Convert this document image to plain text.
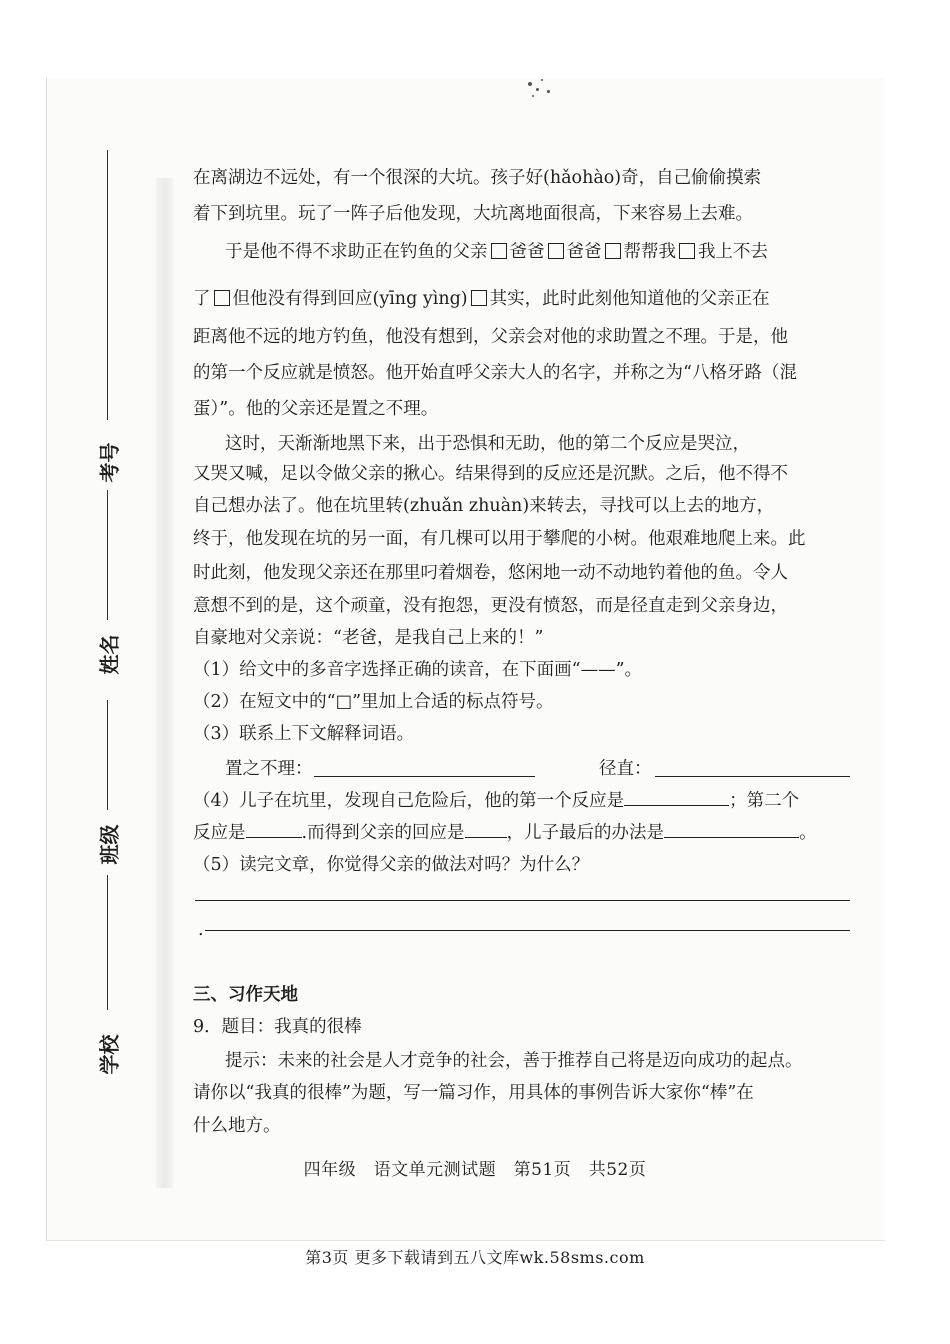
考号
姓名
班级
学校
在离湖边不远处，有一个很深的大坑。孩子好(hǎohào)奇，自己偷偷摸索
着下到坑里。玩了一阵子后他发现，大坑离地面很高，下来容易上去难。
于是他不得不求助正在钓鱼的父亲 爸爸 爸爸 帮帮我 我上不去
了 但他没有得到回应(yīng yìng) 其实，此时此刻他知道他的父亲正在
距离他不远的地方钓鱼，他没有想到，父亲会对他的求助置之不理。于是，他
的第一个反应就是愤怒。他开始直呼父亲大人的名字，并称之为“八格牙路（混
蛋）”。他的父亲还是置之不理。
这时，天渐渐地黑下来，出于恐惧和无助，他的第二个反应是哭泣，
又哭又喊，足以令做父亲的揪心。结果得到的反应还是沉默。之后，他不得不
自己想办法了。他在坑里转(zhuǎn zhuàn)来转去，寻找可以上去的地方，
终于，他发现在坑的另一面，有几棵可以用于攀爬的小树。他艰难地爬上来。此
时此刻，他发现父亲还在那里叼着烟卷，悠闲地一动不动地钓着他的鱼。令人
意想不到的是，这个顽童，没有抱怨，更没有愤怒，而是径直走到父亲身边，
自豪地对父亲说：“老爸，是我自己上来的！”
（1）给文中的多音字选择正确的读音，在下面画“——”。
（2）在短文中的“□”里加上合适的标点符号。
（3）联系上下文解释词语。
置之不理：	径直：
（4）儿子在坑里，发现自己危险后，他的第一个反应是	；第二个
反应是	.而得到父亲的回应是 ，儿子最后的办法是	。
（5）读完文章，你觉得父亲的做法对吗？为什么？
.
三、习作天地
9．题目：我真的很棒
提示：未来的社会是人才竞争的社会，善于推荐自己将是迈向成功的起点。
请你以“我真的很棒”为题，写一篇习作，用具体的事例告诉大家你“棒”在
什么地方。
四年级　语文单元测试题　第51页　共52页
第3页 更多下载请到五八文库wk.58sms.com
